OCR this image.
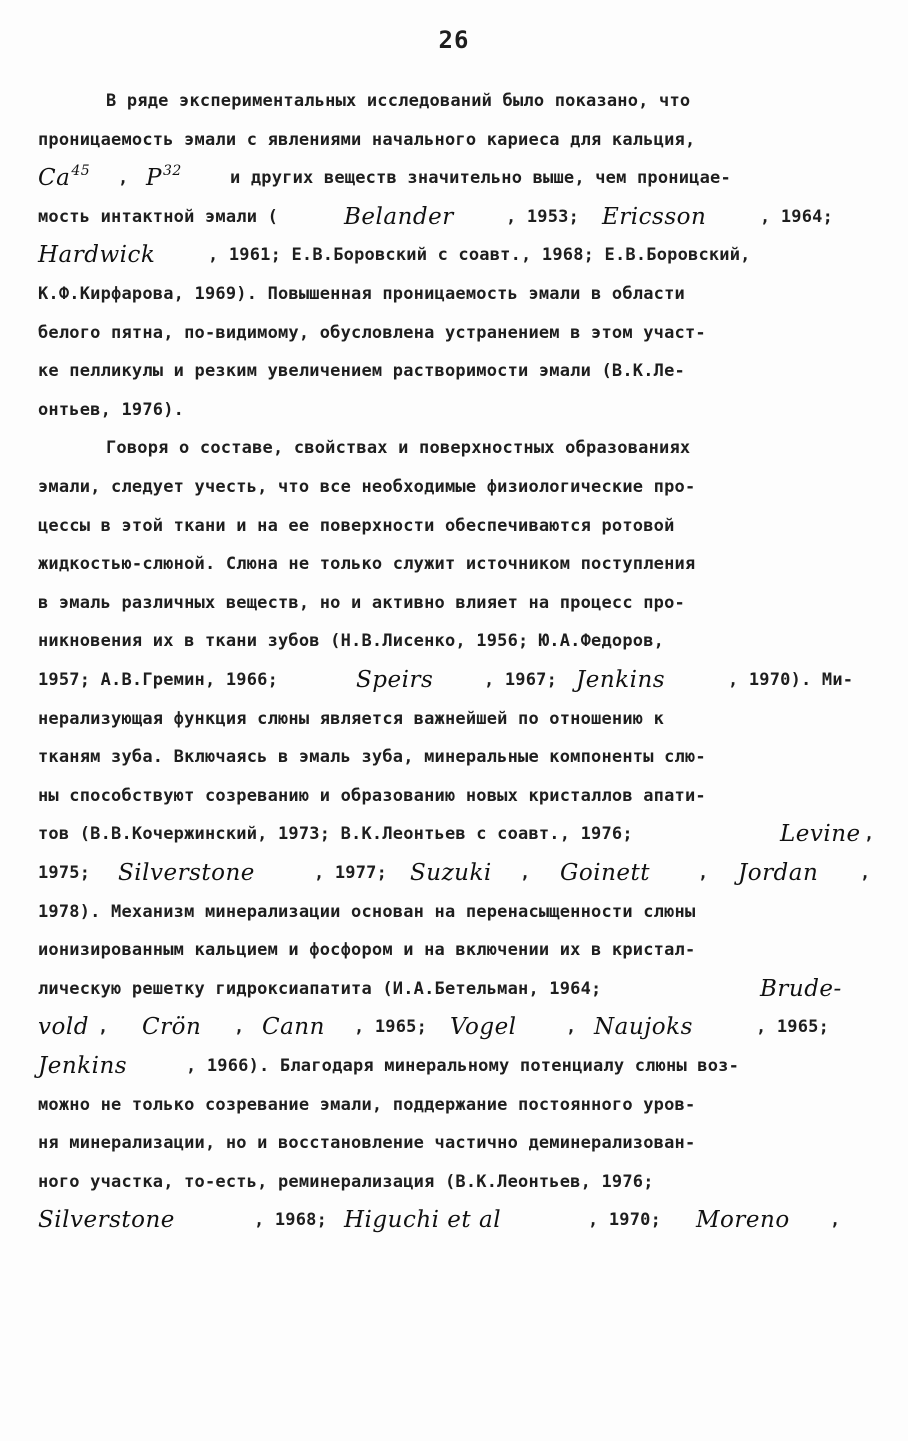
26
В ряде экспериментальных исследований было показано, что
проницаемость эмали с явлениями начального кариеса для кальция,
Ca$^{45}$ , $P^{32}$	и других веществ значительно выше, чем проницае-
мость интактной эмали (	Belander	, 1953; Ericsson	, 1964;
Hardwick	, 1961; Е.В.Боровский с соавт., 1968; Е.В.Боровский,
К.Ф.Кирфарова, 1969). Повышенная проницаемость эмали в области
белого пятна, по-видимому, обусловлена устранением в этом участ-
ке пелликулы и резким увеличением растворимости эмали (В.К.Ле-
онтьев, 1976).
Говоря о составе, свойствах и поверхностных образованиях
эмали, следует учесть, что все необходимые физиологические про-
цессы в этой ткани и на ее поверхности обеспечиваются ротовой
жидкостью-слюной. Слюна не только служит источником поступления
в эмаль различных веществ, но и активно влияет на процесс про-
никновения их в ткани зубов (Н.В.Лисенко, 1956; Ю.А.Федоров,
1957; А.В.Гремин, 1966;	Speirs	, 1967; Jenkins	, 1970). Ми-
нерализующая функция слюны является важнейшей по отношению к
тканям зуба. Включаясь в эмаль зуба, минеральные компоненты слю-
ны способствуют созреванию и образованию новых кристаллов апати-
тов (В.В.Кочержинский, 1973; В.К.Леонтьев с соавт., 1976;	Levine ,
1975; Silverstone	, 1977; Suzuki , Goinett	, Jordan ,
1978). Механизм минерализации основан на перенасыщенности слюны
ионизированным кальцием и фосфором и на включении их в кристал-
лическую решетку гидроксиапатита (И.А.Бетельман, 1964;	Brude-
vold , Crön , Cann , 1965; Vogel	, Naujoks	, 1965;
Jenkins	, 1966). Благодаря минеральному потенциалу слюны воз-
можно не только созревание эмали, поддержание постоянного уров-
ня минерализации, но и восстановление частично деминерализован-
ного участка, то-есть, реминерализация (В.К.Леонтьев, 1976;
Silverstone	, 1968; Higuchi et al	, 1970; Moreno ,
